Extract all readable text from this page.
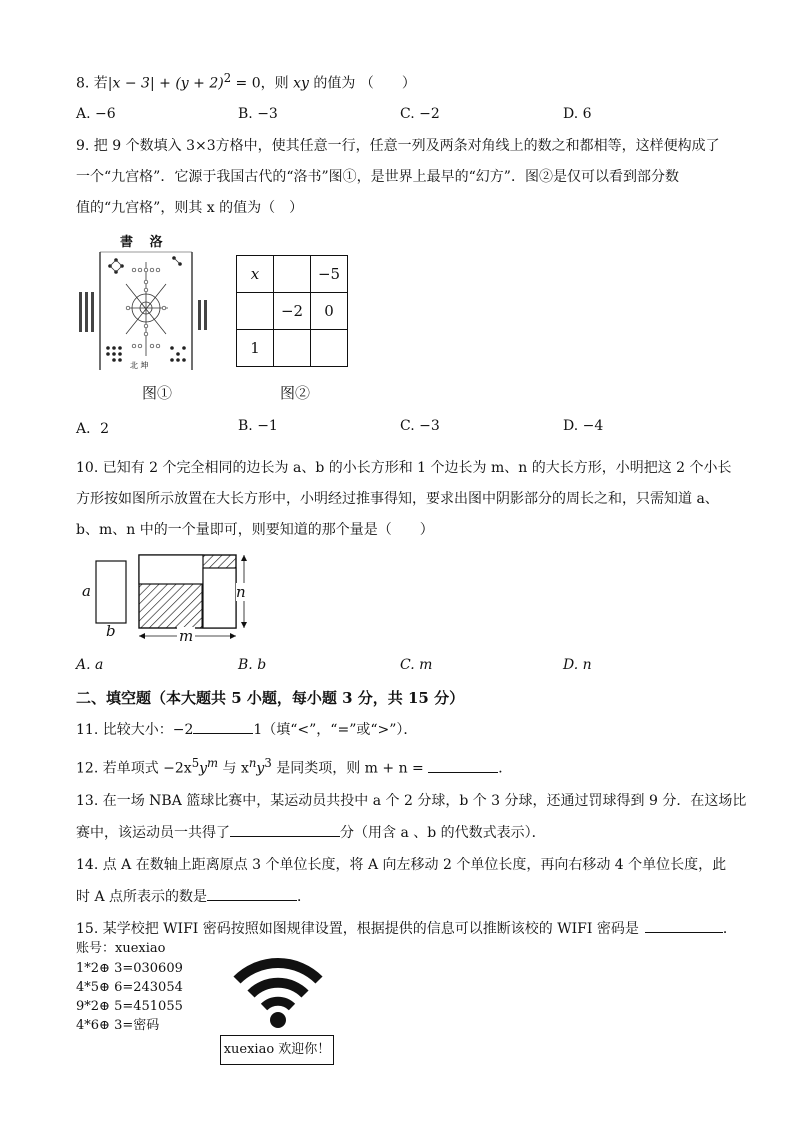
8. 若$|x - 3| + (y + 2)^2 = 0$，则 xy 的值为 （　　）
A. −6	B. −3	C. −2	D. 6
9. 把 9 个数填入 3×3方格中，使其任意一行，任意一列及两条对角线上的数之和都相等，这样便构成了
一个“九宫格”．它源于我国古代的“洛书”图①，是世界上最早的“幻方”．图②是仅可以看到部分数
值的“九宫格”，则其 x 的值为（　）
書 洛
北 坤
x		−5
	−2	0
1		
图①	图②
A．2	B. −1	C. −3	D. −4
10. 已知有 2 个完全相同的边长为 a、b 的小长方形和 1 个边长为 m、n 的大长方形，小明把这 2 个小长
方形按如图所示放置在大长方形中，小明经过推事得知，要求出图中阴影部分的周长之和，只需知道 a、
b、m、n 中的一个量即可，则要知道的那个量是（　　）
a
b	m
n
A. a	B. b	C. m	D. n
二、填空题（本大题共 5 小题，每小题 3 分，共 15 分）
11. 比较大小：−2	1（填“<”，“=”或“>”）．
12. 若单项式 $-2x^5y^m$ 与 $x^ny^3$ 是同类项，则 m + n =	．
13. 在一场 NBA 篮球比赛中，某运动员共投中 a 个 2 分球，b 个 3 分球，还通过罚球得到 9 分．在这场比
赛中，该运动员一共得了	分（用含 a 、b 的代数式表示）．
14. 点 A 在数轴上距离原点 3 个单位长度，将 A 向左移动 2 个单位长度，再向右移动 4 个单位长度，此
时 A 点所表示的数是	．
15. 某学校把 WIFI 密码按照如图规律设置，根据提供的信息可以推断该校的 WIFI 密码是	．
账号：xuexiao
1*2⊕ 3=030609
4*5⊕ 6=243054
9*2⊕ 5=451055
4*6⊕ 3=密码
xuexiao 欢迎你！
